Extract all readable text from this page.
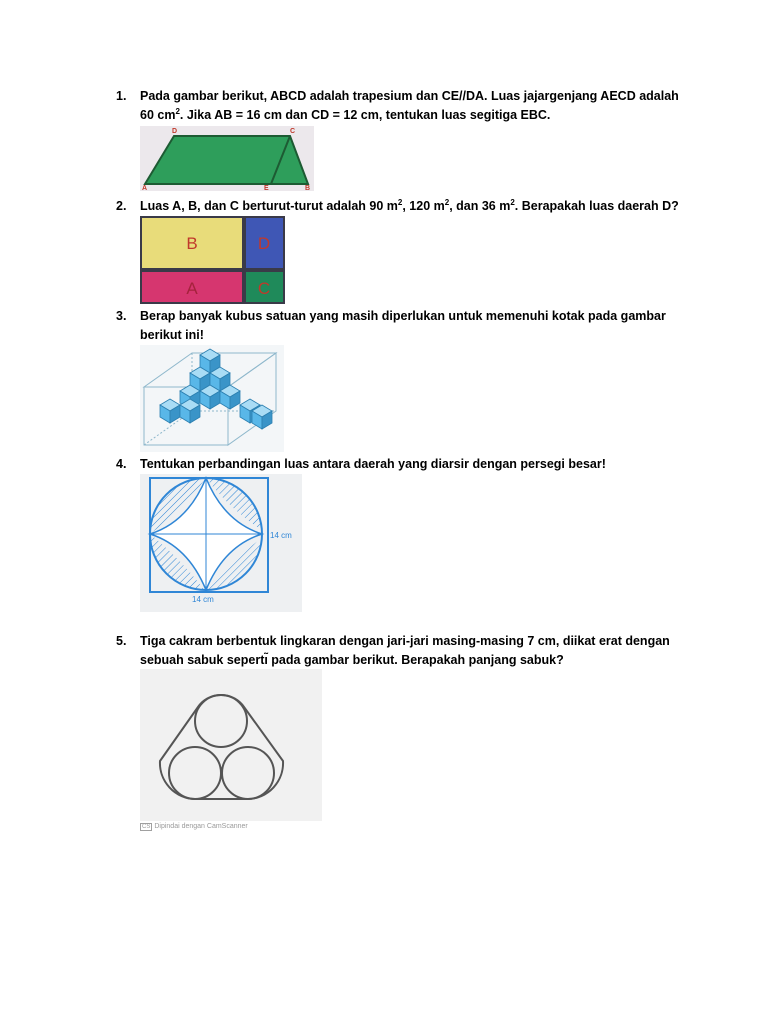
1. Pada gambar berikut, ABCD adalah trapesium dan CE//DA. Luas jajargenjang AECD adalah 60 $cm^2$. Jika AB = 16 cm dan CD = 12 cm, tentukan luas segitiga EBC.
A	B
C
D
E
2. Luas A, B, dan C berturut-turut adalah 90 $m^2$, 120 $m^2$, dan 36 $m^2$. Berapakah luas daerah D?
B	D
A	C
3. Berap banyak kubus satuan yang masih diperlukan untuk memenuhi kotak pada gambar berikut ini!
4. Tentukan perbandingan luas antara daerah yang diarsir dengan persegi besar!
14 cm
14 cm
5. Tiga cakram berbentuk lingkaran dengan jari-jari masing-masing 7 cm, diikat erat dengan sebuah sabuk sepertı̃ pada gambar berikut. Berapakah panjang sabuk?
CS Dipindai dengan CamScanner
